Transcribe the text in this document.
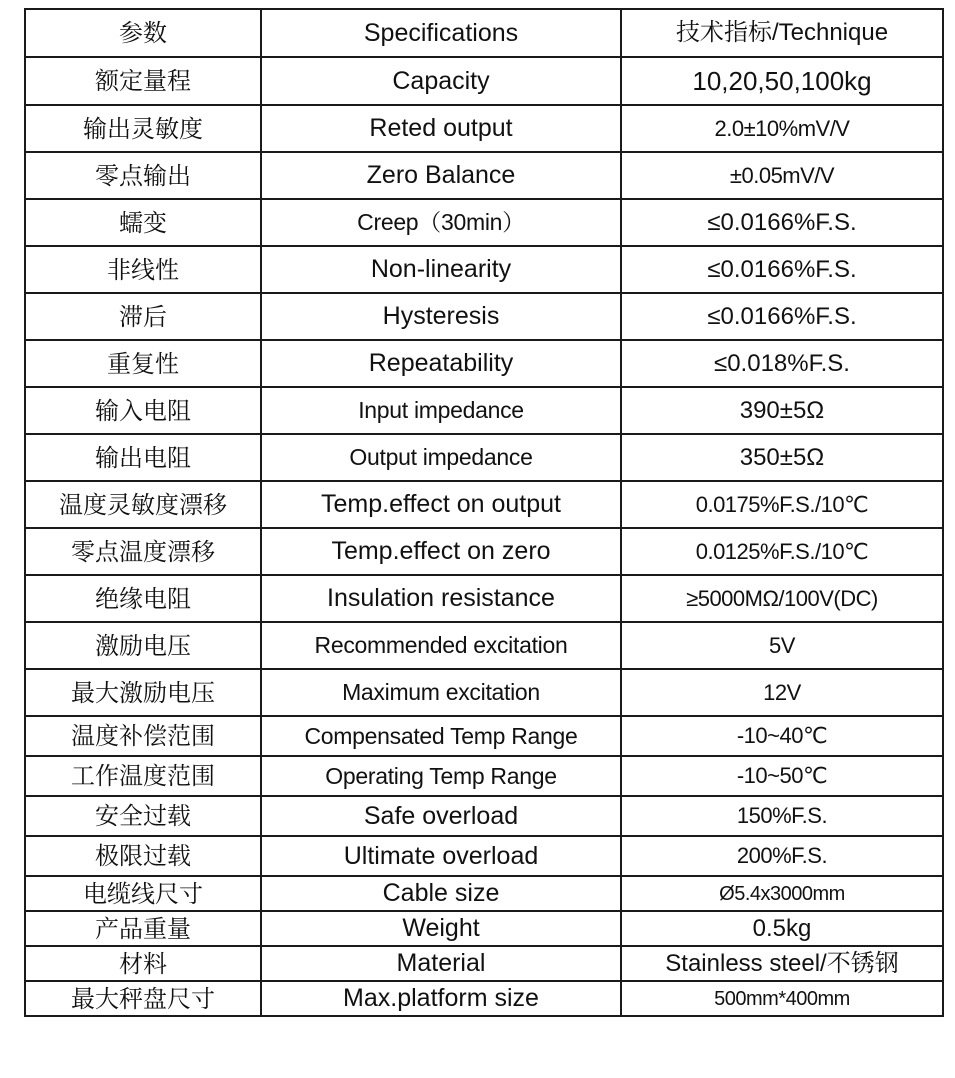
参数	Specifications	技术指标/Technique
额定量程	Capacity	10,20,50,100kg
输出灵敏度	Reted output	2.0±10%mV/V
零点输出	Zero Balance	±0.05mV/V
蠕变	Creep（30min）	≤0.0166%F.S.
非线性	Non-linearity	≤0.0166%F.S.
滞后	Hysteresis	≤0.0166%F.S.
重复性	Repeatability	≤0.018%F.S.
输入电阻	Input impedance	390±5Ω
输出电阻	Output impedance	350±5Ω
温度灵敏度漂移	Temp.effect on output	0.0175%F.S./10℃
零点温度漂移	Temp.effect on zero	0.0125%F.S./10℃
绝缘电阻	Insulation resistance	≥5000MΩ/100V(DC)
激励电压	Recommended excitation	5V
最大激励电压	Maximum excitation	12V
温度补偿范围	Compensated Temp Range	-10~40℃
工作温度范围	Operating Temp Range	-10~50℃
安全过载	Safe overload	150%F.S.
极限过载	Ultimate overload	200%F.S.
电缆线尺寸	Cable size	Ø5.4x3000mm
产品重量	Weight	0.5kg
材料	Material	Stainless steel/不锈钢
最大秤盘尺寸	Max.platform size	500mm*400mm
